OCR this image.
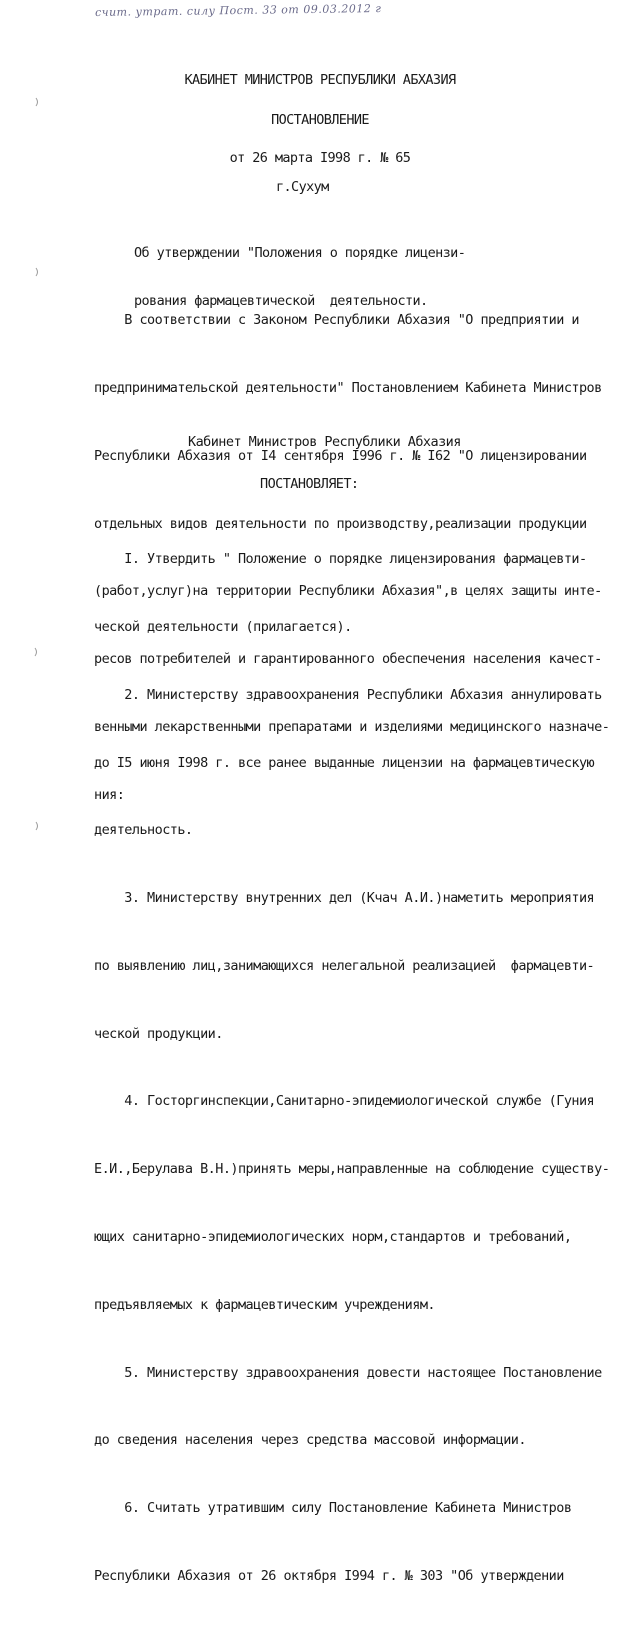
счит. утрат. силу Пост. 33 от 09.03.2012 г
КАБИНЕТ МИНИСТРОВ РЕСПУБЛИКИ АБХАЗИЯ
ПОСТАНОВЛЕНИЕ
от 26 марта I998 г. № 65
г.Сухум

Об утверждении "Положения о порядке лицензи-

рования фармацевтической  деятельности.

В соответствии с Законом Республики Абхазия "О предприятии и

предпринимательской деятельности" Постановлением Кабинета Министров

Республики Абхазия от I4 сентября I996 г. № I62 "О лицензировании

отдельных видов деятельности по производству,реализации продукции

(работ,услуг)на территории Республики Абхазия",в целях защиты инте-

ресов потребителей и гарантированного обеспечения населения качест-

венными лекарственными препаратами и изделиями медицинского назначе-

ния:

Кабинет Министров Республики Абхазия
ПОСТАНОВЛЯЕТ:

I. Утвердить " Положение о порядке лицензирования фармацевти-

ческой деятельности (прилагается).

2. Министерству здравоохранения Республики Абхазия аннулировать

до I5 июня I998 г. все ранее выданные лицензии на фармацевтическую

деятельность.

3. Министерству внутренних дел (Кчач А.И.)наметить мероприятия

по выявлению лиц,занимающихся нелегальной реализацией  фармацевти-

ческой продукции.

4. Госторгинспекции,Санитарно-эпидемиологической службе (Гуния

Е.И.,Берулава В.Н.)принять меры,направленные на соблюдение существу-

ющих санитарно-эпидемиологических норм,стандартов и требований,

предъявляемых к фармацевтическим учреждениям.

5. Министерству здравоохранения довести настоящее Постановление

до сведения населения через средства массовой информации.

6. Считать утратившим силу Постановление Кабинета Министров

Республики Абхазия от 26 октября I994 г. № 303 "Об утверждении
